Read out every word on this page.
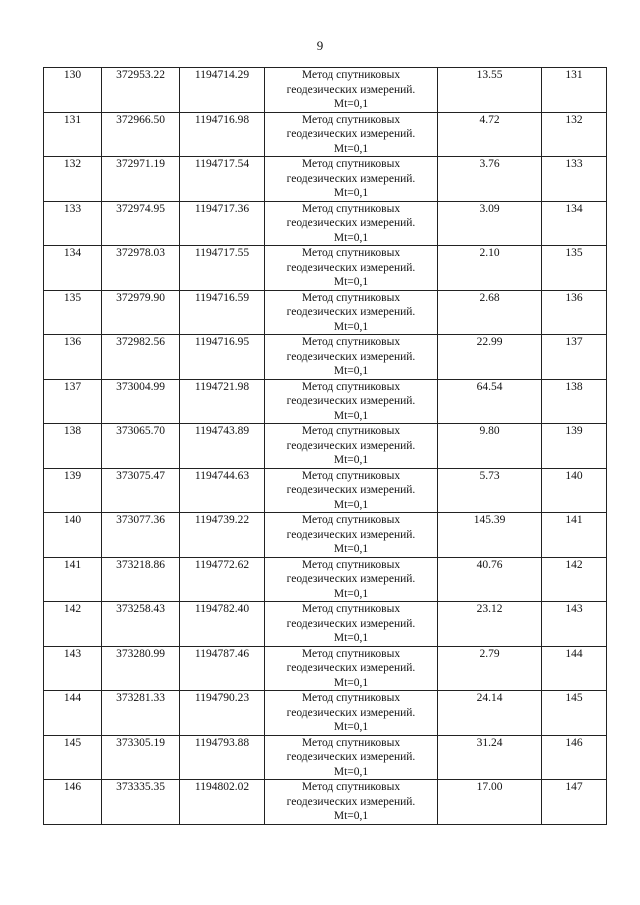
9
130	372953.22	1194714.29	Метод спутниковых
геодезических измерений.
Mt=0,1	13.55	131
131	372966.50	1194716.98	Метод спутниковых
геодезических измерений.
Mt=0,1	4.72	132
132	372971.19	1194717.54	Метод спутниковых
геодезических измерений.
Mt=0,1	3.76	133
133	372974.95	1194717.36	Метод спутниковых
геодезических измерений.
Mt=0,1	3.09	134
134	372978.03	1194717.55	Метод спутниковых
геодезических измерений.
Mt=0,1	2.10	135
135	372979.90	1194716.59	Метод спутниковых
геодезических измерений.
Mt=0,1	2.68	136
136	372982.56	1194716.95	Метод спутниковых
геодезических измерений.
Mt=0,1	22.99	137
137	373004.99	1194721.98	Метод спутниковых
геодезических измерений.
Mt=0,1	64.54	138
138	373065.70	1194743.89	Метод спутниковых
геодезических измерений.
Mt=0,1	9.80	139
139	373075.47	1194744.63	Метод спутниковых
геодезических измерений.
Mt=0,1	5.73	140
140	373077.36	1194739.22	Метод спутниковых
геодезических измерений.
Mt=0,1	145.39	141
141	373218.86	1194772.62	Метод спутниковых
геодезических измерений.
Mt=0,1	40.76	142
142	373258.43	1194782.40	Метод спутниковых
геодезических измерений.
Mt=0,1	23.12	143
143	373280.99	1194787.46	Метод спутниковых
геодезических измерений.
Mt=0,1	2.79	144
144	373281.33	1194790.23	Метод спутниковых
геодезических измерений.
Mt=0,1	24.14	145
145	373305.19	1194793.88	Метод спутниковых
геодезических измерений.
Mt=0,1	31.24	146
146	373335.35	1194802.02	Метод спутниковых
геодезических измерений.
Mt=0,1	17.00	147
